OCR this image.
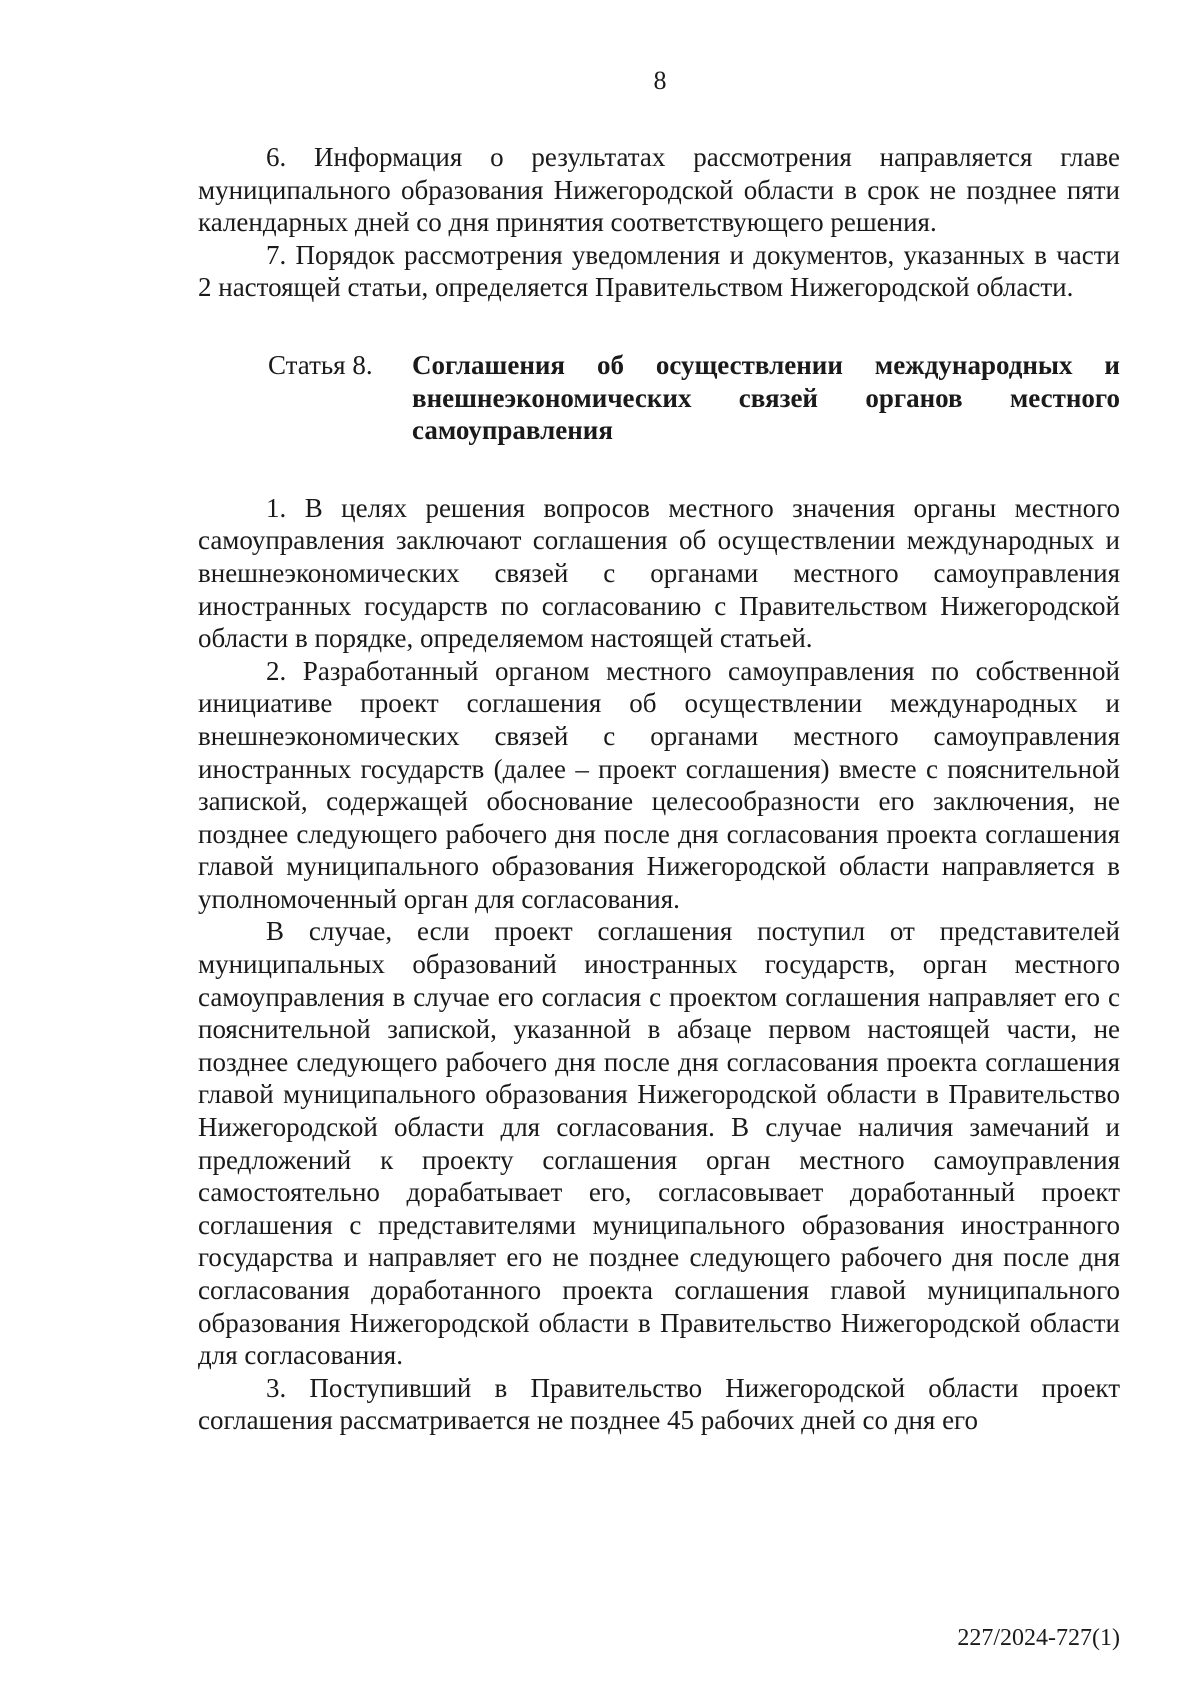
8

6. Информация о результатах рассмотрения направляется главе муниципального образования Нижегородской области в срок не позднее пяти календарных дней со дня принятия соответствующего решения.

7. Порядок рассмотрения уведомления и документов, указанных в части 2 настоящей статьи, определяется Правительством Нижегородской области.

Статья 8.	Соглашения об осуществлении международных и внешнеэкономических связей органов местного самоуправления

1. В целях решения вопросов местного значения органы местного самоуправления заключают соглашения об осуществлении международных и внешнеэкономических связей с органами местного самоуправления иностранных государств по согласованию с Правительством Нижегородской области в порядке, определяемом настоящей статьей.

2. Разработанный органом местного самоуправления по собственной инициативе проект соглашения об осуществлении международных и внешнеэкономических связей с органами местного самоуправления иностранных государств (далее – проект соглашения) вместе с пояснительной запиской, содержащей обоснование целесообразности его заключения, не позднее следующего рабочего дня после дня согласования проекта соглашения главой муниципального образования Нижегородской области направляется в уполномоченный орган для согласования.

В случае, если проект соглашения поступил от представителей муниципальных образований иностранных государств, орган местного самоуправления в случае его согласия с проектом соглашения направляет его с пояснительной запиской, указанной в абзаце первом настоящей части, не позднее следующего рабочего дня после дня согласования проекта соглашения главой муниципального образования Нижегородской области в Правительство Нижегородской области для согласования. В случае наличия замечаний и предложений к проекту соглашения орган местного самоуправления самостоятельно дорабатывает его, согласовывает доработанный проект соглашения с представителями муниципального образования иностранного государства и направляет его не позднее следующего рабочего дня после дня согласования доработанного проекта соглашения главой муниципального образования Нижегородской области в Правительство Нижегородской области для согласования.

3. Поступивший в Правительство Нижегородской области проект соглашения рассматривается не позднее 45 рабочих дней со дня его

227/2024-727(1)
